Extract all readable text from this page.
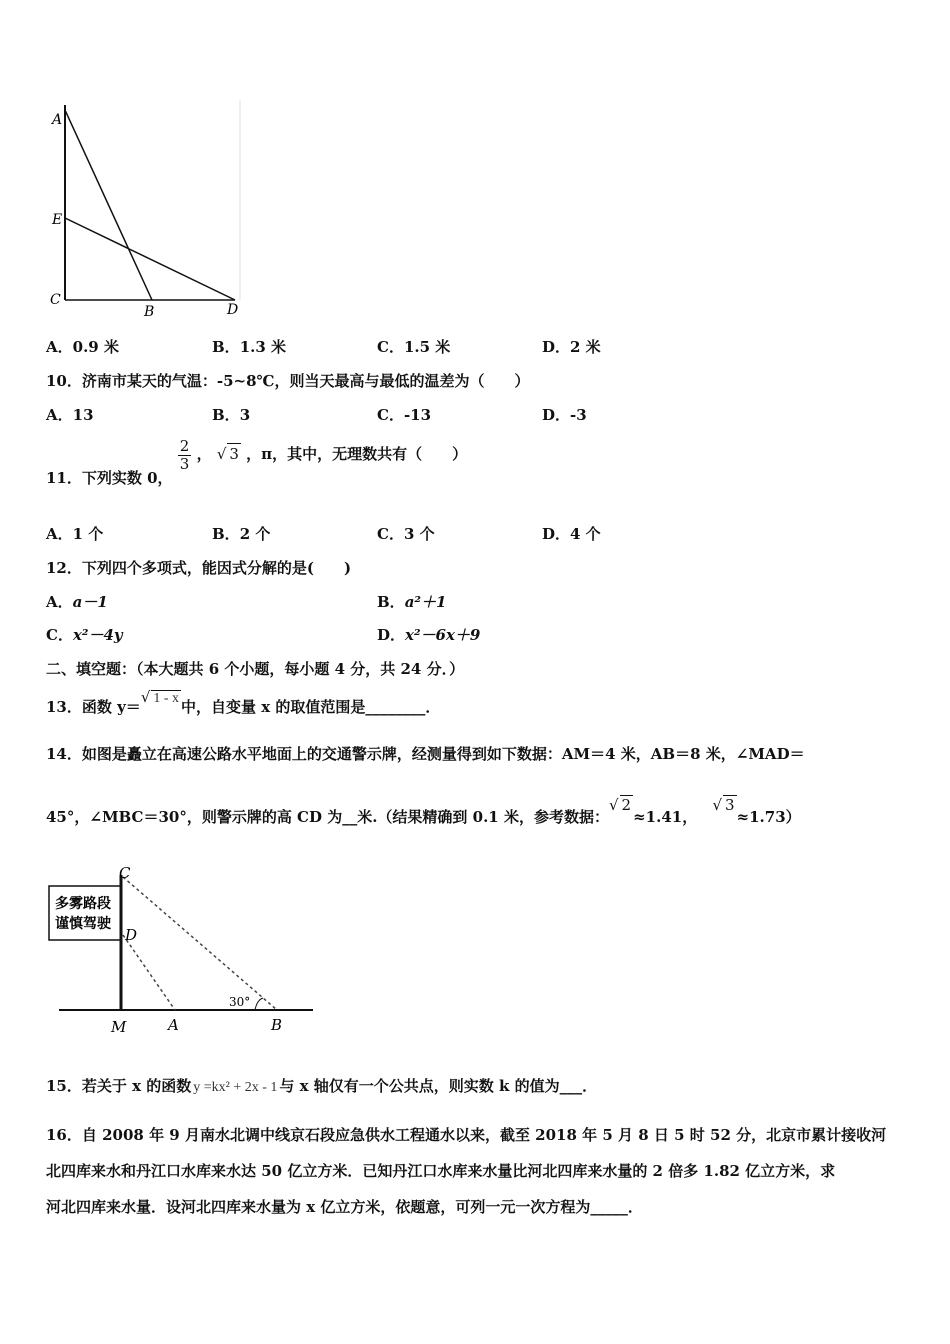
A
E
C
B	D
A．0.9 米	B．1.3 米	C．1.5 米	D．2 米
10．济南市某天的气温：-5~8℃，则当天最高与最低的温差为（　　）
A．13	B．3	C．-13	D．-3
11．下列实数 0，
$\frac{2}{3}$ ， √ 3 ，π，其中，无理数共有（　　）
A．1 个	B．2 个	C．3 个	D．4 个
12．下列四个多项式，能因式分解的是(　　)
A．a－1	B．a²＋1
C．x²－4y	D．x²－6x＋9
二、填空题：（本大题共 6 个小题，每小题 4 分，共 24 分．）
13．函数 y＝√ 1 - x 中，自变量 x 的取值范围是________．
14．如图是矗立在高速公路水平地面上的交通警示牌，经测量得到如下数据：AM＝4 米，AB＝8 米，∠MAD＝
45°，∠MBC＝30°，则警示牌的高 CD 为__米.（结果精确到 0.1 米，参考数据：√ 2≈1.41， √ 3≈1.73）
多雾路段
谨慎驾驶
C
D
M	A	B
30°
15．若关于 x 的函数 y =kx² + 2x - 1 与 x 轴仅有一个公共点，则实数 k 的值为___．
16．自 2008 年 9 月南水北调中线京石段应急供水工程通水以来，截至 2018 年 5 月 8 日 5 时 52 分，北京市累计接收河
北四库来水和丹江口水库来水达 50 亿立方米．已知丹江口水库来水量比河北四库来水量的 2 倍多 1.82 亿立方米，求
河北四库来水量．设河北四库来水量为 x 亿立方米，依题意，可列一元一次方程为_____．
